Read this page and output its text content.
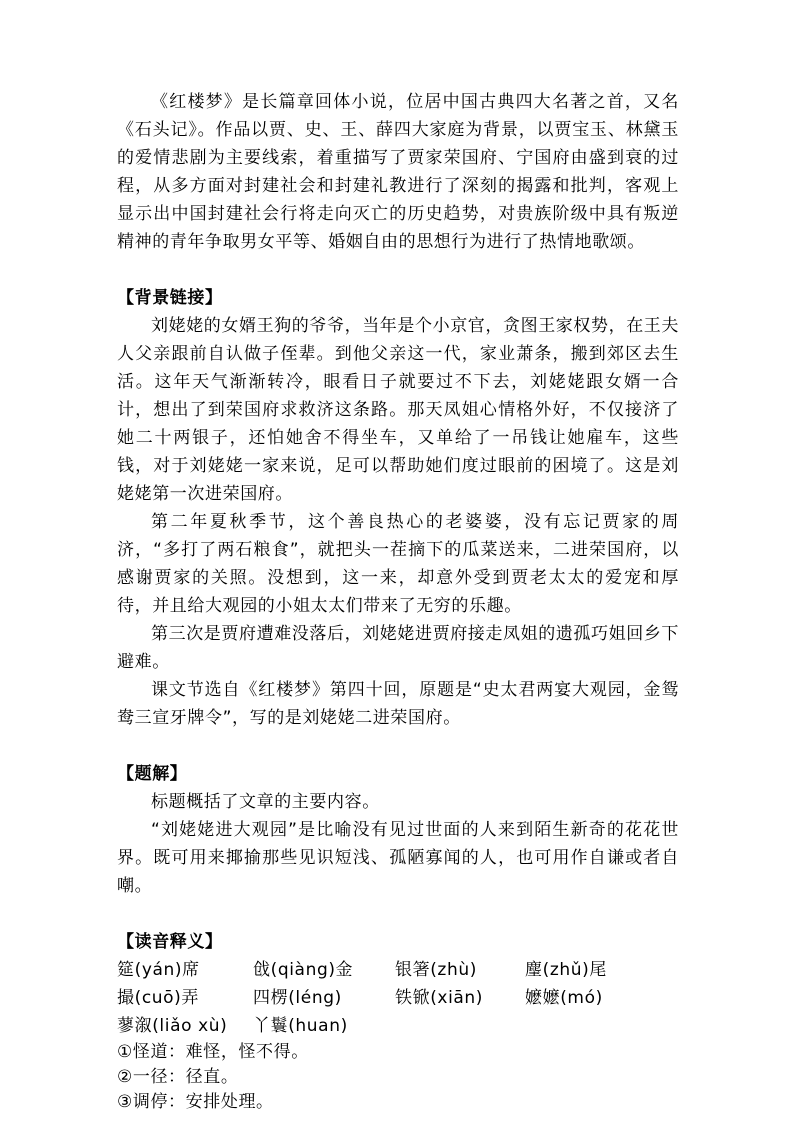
《红楼梦》是长篇章回体小说，位居中国古典四大名著之首，又名《石头记》。作品以贾、史、王、薛四大家庭为背景，以贾宝玉、林黛玉的爱情悲剧为主要线索，着重描写了贾家荣国府、宁国府由盛到衰的过程，从多方面对封建社会和封建礼教进行了深刻的揭露和批判，客观上显示出中国封建社会行将走向灭亡的历史趋势，对贵族阶级中具有叛逆精神的青年争取男女平等、婚姻自由的思想行为进行了热情地歌颂。

【背景链接】

刘姥姥的女婿王狗的爷爷，当年是个小京官，贪图王家权势，在王夫人父亲跟前自认做子侄辈。到他父亲这一代，家业萧条，搬到郊区去生活。这年天气渐渐转冷，眼看日子就要过不下去，刘姥姥跟女婿一合计，想出了到荣国府求救济这条路。那天凤姐心情格外好，不仅接济了她二十两银子，还怕她舍不得坐车，又单给了一吊钱让她雇车，这些钱，对于刘姥姥一家来说，足可以帮助她们度过眼前的困境了。这是刘姥姥第一次进荣国府。

第二年夏秋季节，这个善良热心的老婆婆，没有忘记贾家的周济，“多打了两石粮食”，就把头一茬摘下的瓜菜送来，二进荣国府，以感谢贾家的关照。没想到，这一来，却意外受到贾老太太的爱宠和厚待，并且给大观园的小姐太太们带来了无穷的乐趣。

第三次是贾府遭难没落后，刘姥姥进贾府接走凤姐的遗孤巧姐回乡下避难。

课文节选自《红楼梦》第四十回，原题是“史太君两宴大观园，金鸳鸯三宣牙牌令”，写的是刘姥姥二进荣国府。

【题解】

标题概括了文章的主要内容。

“刘姥姥进大观园”是比喻没有见过世面的人来到陌生新奇的花花世界。既可用来揶揄那些见识短浅、孤陋寡闻的人，也可用作自谦或者自嘲。

【读音释义】

筵(yán)席	戗(qiàng)金	银箸(zhù)	麈(zhǔ)尾
撮(cuō)弄	四楞(léng)	铁锨(xiān)	嬷嬷(mó)
蓼溆(liǎo xù)	丫鬟(huan)

①怪道：难怪，怪不得。

②一径：径直。

③调停：安排处理。
